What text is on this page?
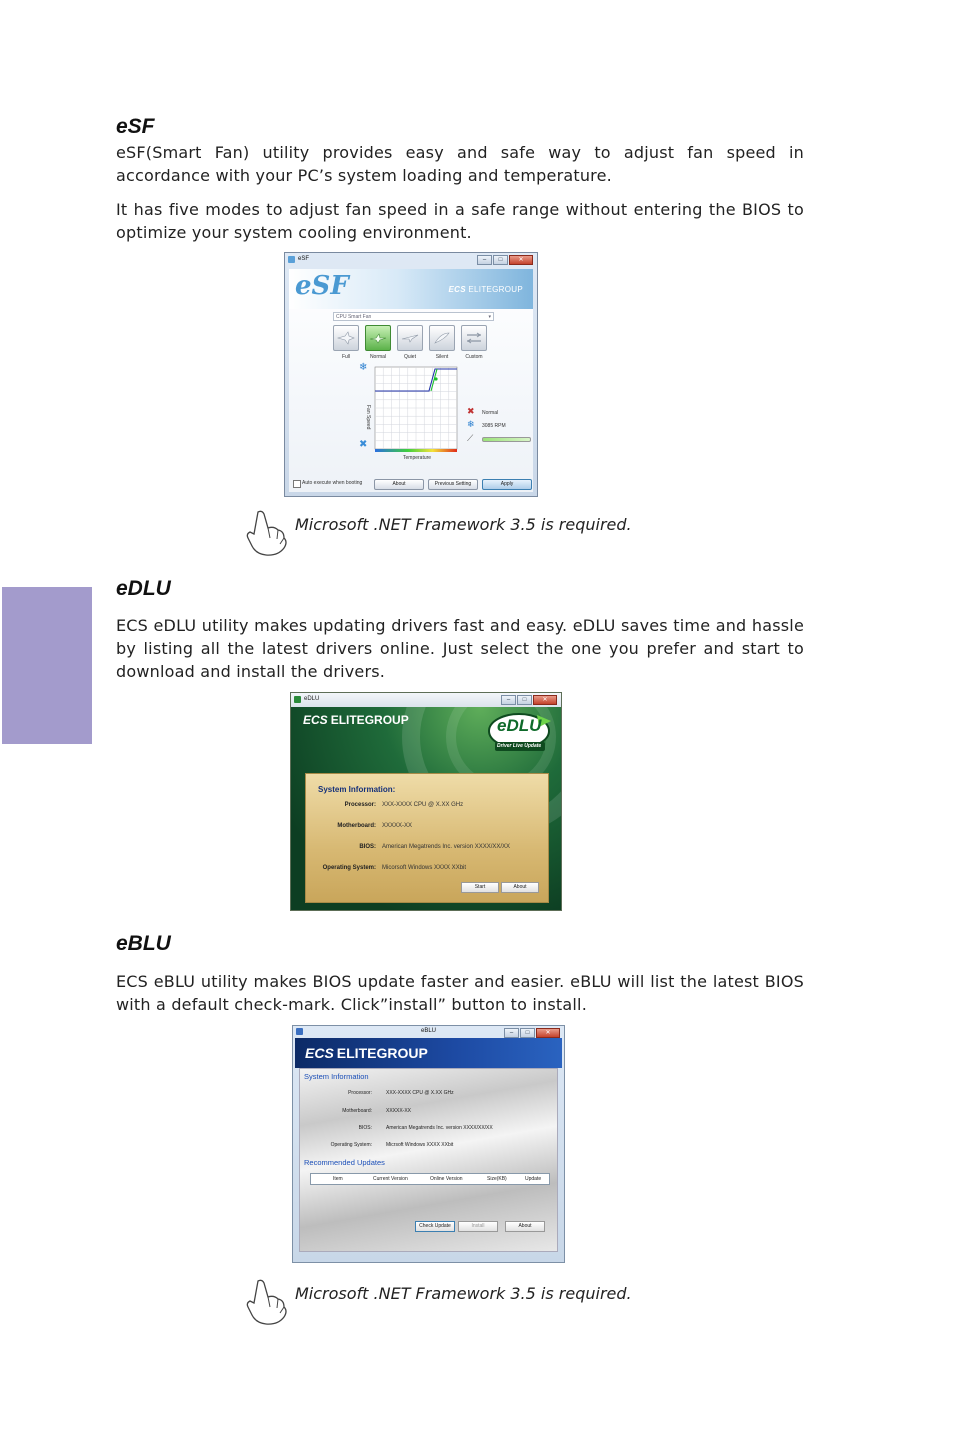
eSF

eSF(Smart Fan) utility provides easy and safe way to adjust fan speed in accordance with your PC’s system loading and temperature.

It has five modes to adjust fan speed in a safe range without entering the BIOS to optimize your system cooling environment.

eSF	–	□	✕
eSF	ECS ELITEGROUP
CPU Smart Fan	▾
Full	Normal	Quiet	Silent	Custom
❄
✖
Fan Speed
Temperature
✖ Normal
❄ 3085 RPM
⟋
Auto execute when booting	About	Previous Setting	Apply
Microsoft .NET Framework 3.5 is required.
eDLU

ECS eDLU utility makes updating drivers fast and easy. eDLU saves time and hassle by listing all the latest drivers online. Just select the one you prefer and start to download and install the drivers.

eDLU	–	□	✕
ECS ELITEGROUP	eDLU
Driver Live Update
System Information:
Processor: XXX-XXXX CPU @ X.XX GHz
Motherboard: XXXXX-XX
BIOS: American Megatrends Inc. version XXXX/XX/XX
Operating System: Micorsoft Windows XXXX XXbit
Start	About
eBLU

ECS eBLU utility makes BIOS update faster and easier. eBLU will list the latest BIOS with a default check-mark. Click”install” button to install.

eBLU	–	□	✕
ECS ELITEGROUP
System Information
Processor:	XXX-XXXX CPU @ X.XX GHz
Motherboard:	XXXXX-XX
BIOS:	American Megatrends Inc. version XXXX/XX/XX
Operating System:	Micrsoft Windows XXXX XXbit
Recommended Updates
Item	Current Version	Online Version	Size(KB)	Update
Check Update	Install	About
Microsoft .NET Framework 3.5 is required.
